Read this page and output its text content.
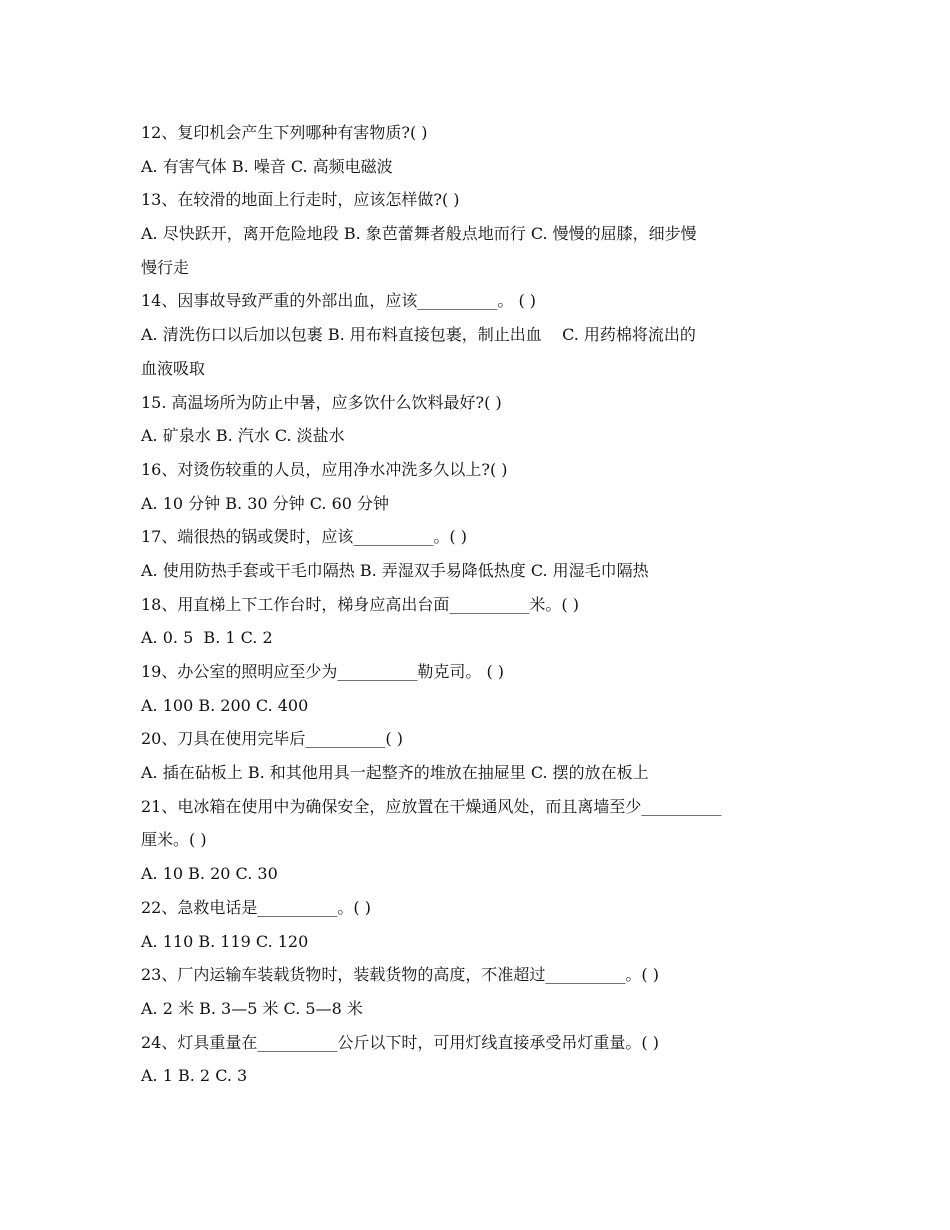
12、复印机会产生下列哪种有害物质?( )
A. 有害气体 B. 噪音 C. 高频电磁波
13、在较滑的地面上行走时，应该怎样做?( )
A. 尽快跃开，离开危险地段 B. 象芭蕾舞者般点地而行 C. 慢慢的屈膝，细步慢
慢行走
14、因事故导致严重的外部出血，应该__________。 ( )
A. 清洗伤口以后加以包裹 B. 用布料直接包裹，制止出血    C. 用药棉将流出的
血液吸取
15. 高温场所为防止中暑，应多饮什么饮料最好?( )
A. 矿泉水 B. 汽水 C. 淡盐水
16、对烫伤较重的人员，应用净水冲洗多久以上?( )
A. 10 分钟 B. 30 分钟 C. 60 分钟
17、端很热的锅或煲时，应该__________。( )
A. 使用防热手套或干毛巾隔热 B. 弄湿双手易降低热度 C. 用湿毛巾隔热
18、用直梯上下工作台时，梯身应高出台面__________米。( )
A. 0. 5  B. 1 C. 2
19、办公室的照明应至少为__________勒克司。 ( )
A. 100 B. 200 C. 400
20、刀具在使用完毕后__________( )
A. 插在砧板上 B. 和其他用具一起整齐的堆放在抽屉里 C. 摆的放在板上
21、电冰箱在使用中为确保安全，应放置在干燥通风处，而且离墙至少__________
厘米。( )
A. 10 B. 20 C. 30
22、急救电话是__________。( )
A. 110 B. 119 C. 120
23、厂内运输车装载货物时，装载货物的高度，不准超过__________。( )
A. 2 米 B. 3—5 米 C. 5—8 米
24、灯具重量在__________公斤以下时，可用灯线直接承受吊灯重量。( )
A. 1 B. 2 C. 3
